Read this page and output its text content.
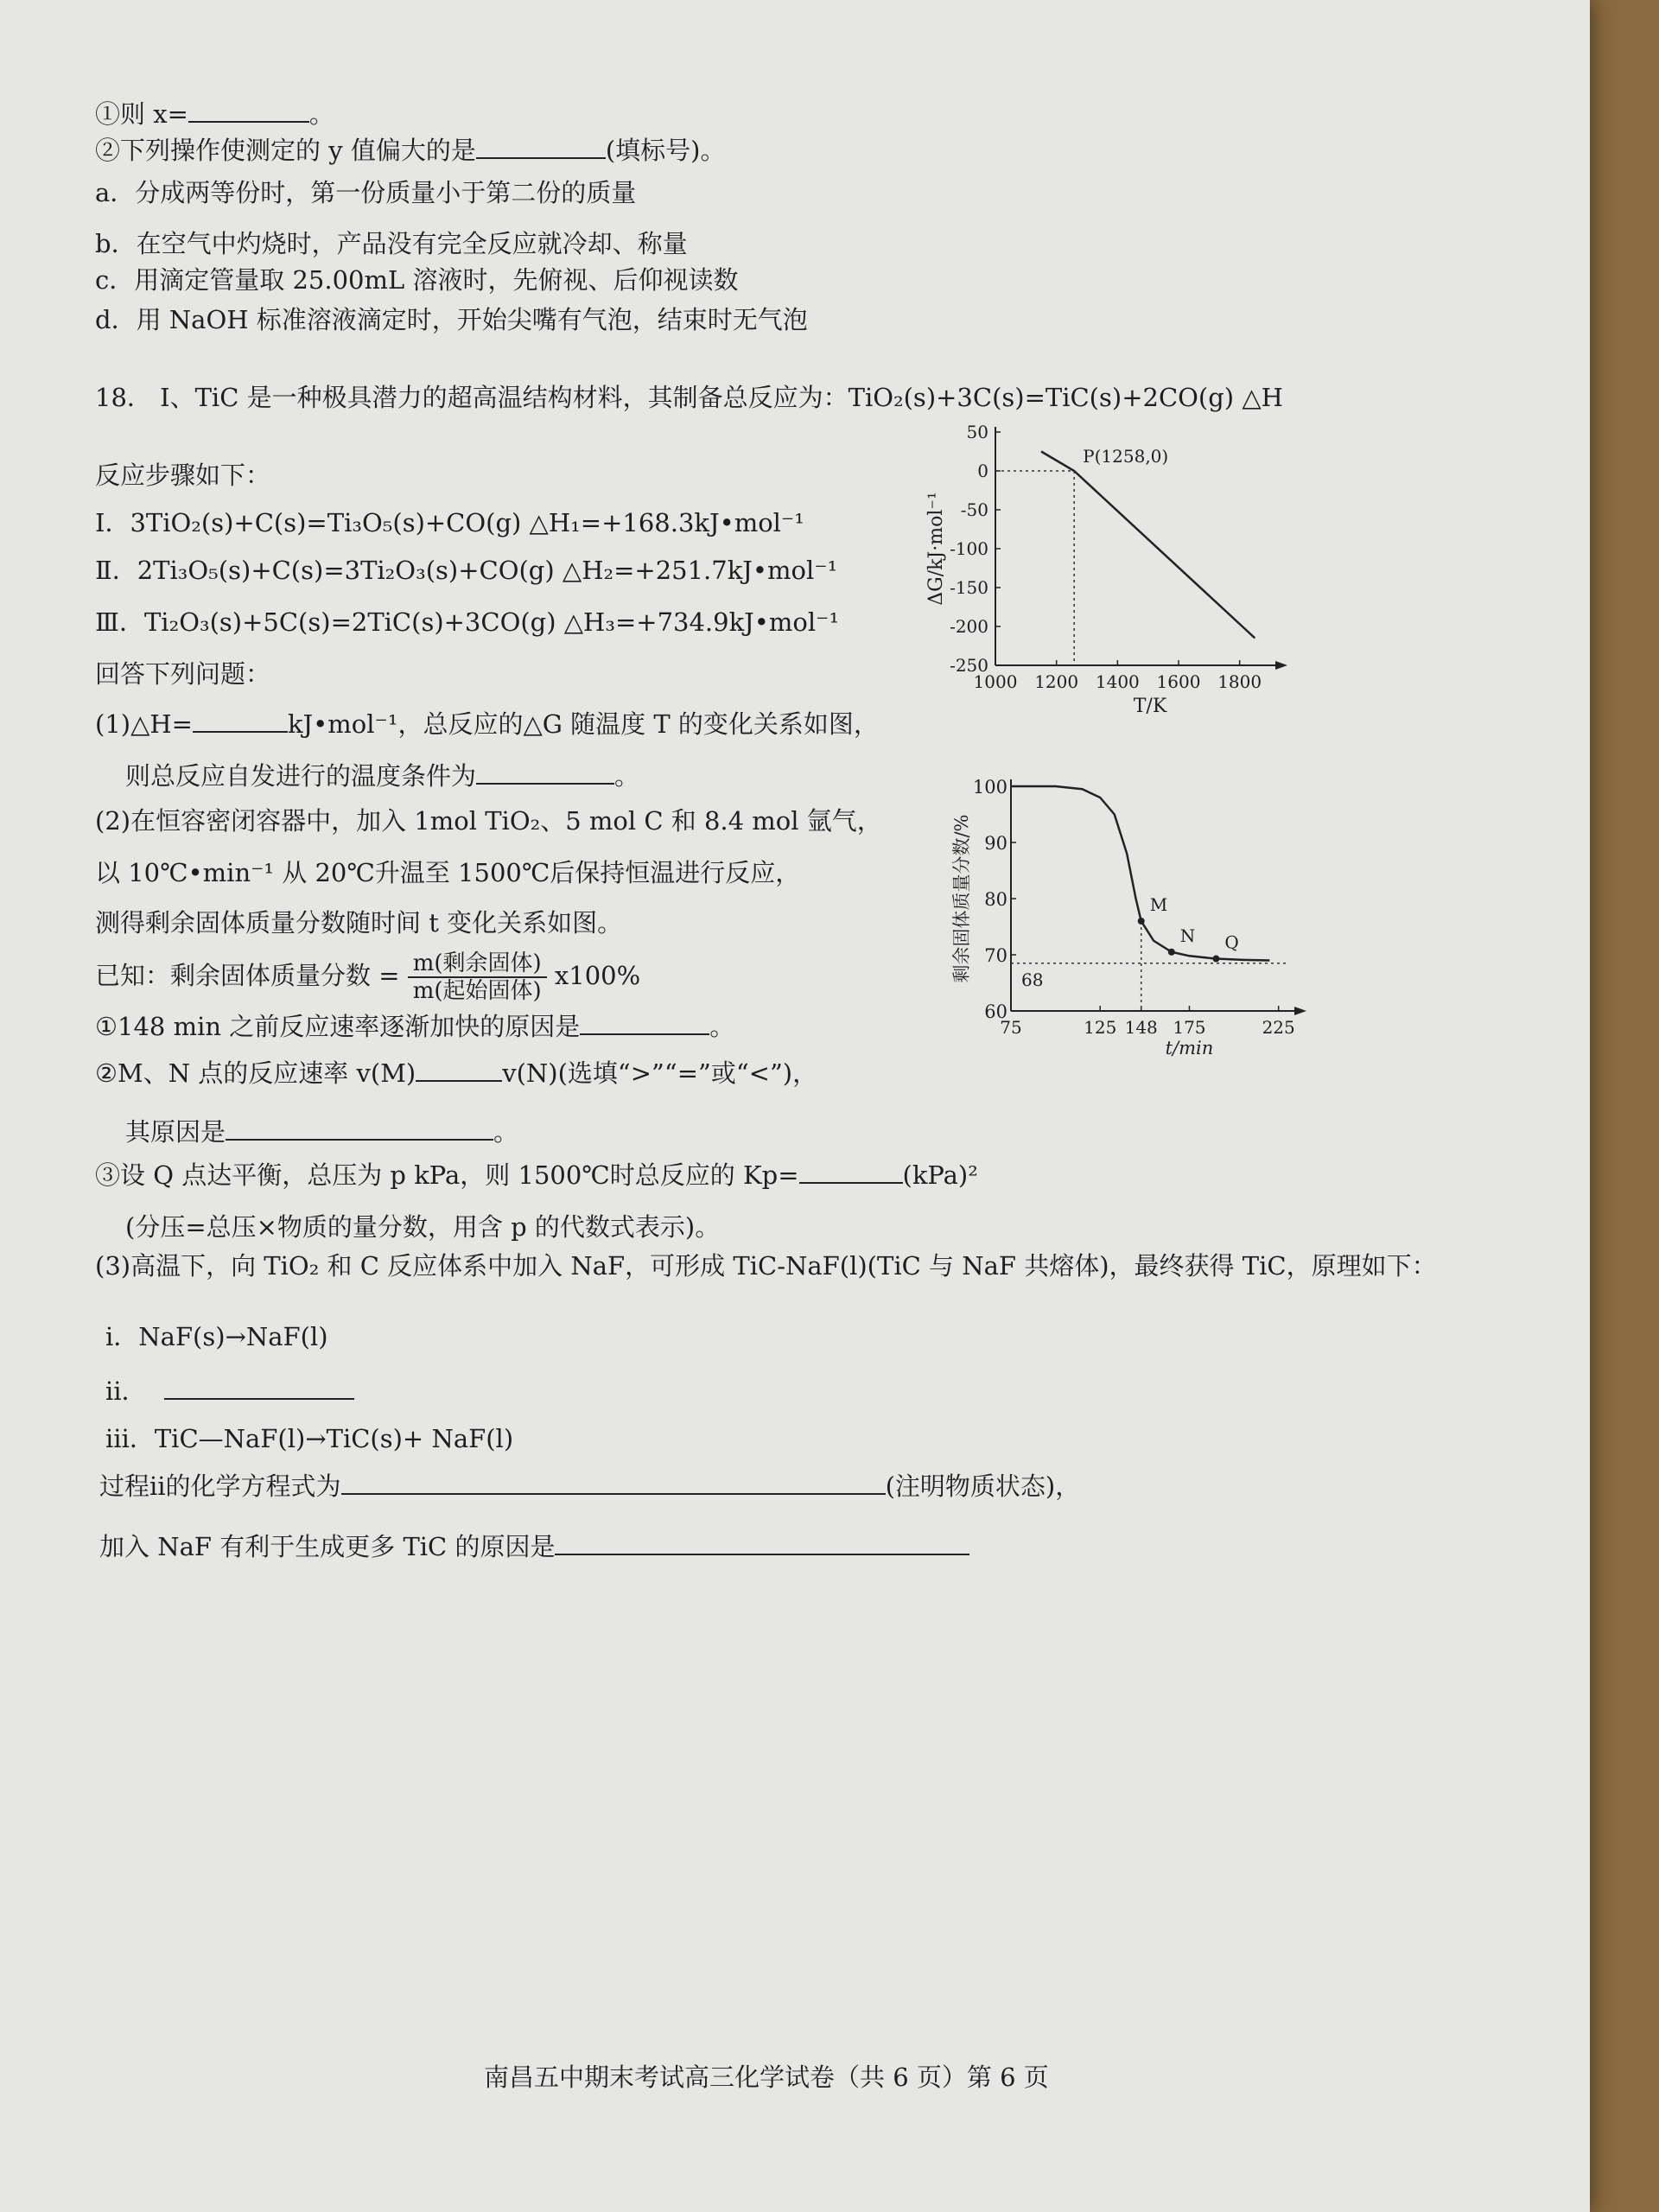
①则 x=	。
②下列操作使测定的 y 值偏大的是	(填标号)。
a．分成两等份时，第一份质量小于第二份的质量
b．在空气中灼烧时，产品没有完全反应就冷却、称量
c．用滴定管量取 25.00mL 溶液时，先俯视、后仰视读数
d．用 NaOH 标准溶液滴定时，开始尖嘴有气泡，结束时无气泡
18． Ⅰ、TiC 是一种极具潜力的超高温结构材料，其制备总反应为：TiO₂(s)+3C(s)=TiC(s)+2CO(g) △H
反应步骤如下：
Ⅰ．3TiO₂(s)+C(s)=Ti₃O₅(s)+CO(g) △H₁=+168.3kJ•mol⁻¹
Ⅱ．2Ti₃O₅(s)+C(s)=3Ti₂O₃(s)+CO(g) △H₂=+251.7kJ•mol⁻¹
Ⅲ．Ti₂O₃(s)+5C(s)=2TiC(s)+3CO(g) △H₃=+734.9kJ•mol⁻¹
回答下列问题：
(1)△H=	kJ•mol⁻¹，总反应的△G 随温度 T 的变化关系如图，
则总反应自发进行的温度条件为	。
(2)在恒容密闭容器中，加入 1mol TiO₂、5 mol C 和 8.4 mol 氩气，
以 10℃•min⁻¹ 从 20℃升温至 1500℃后保持恒温进行反应，
测得剩余固体质量分数随时间 t 变化关系如图。
已知：剩余固体质量分数 = $\frac{\text{m(剩余固体)}}{\text{m(起始固体)}} x100\%$
①148 min 之前反应速率逐渐加快的原因是	。
②M、N 点的反应速率 v(M)	v(N)(选填“>”“=”或“<”)，
其原因是	。
③设 Q 点达平衡，总压为 p kPa，则 1500℃时总反应的 Kp=	(kPa)²
(分压=总压×物质的量分数，用含 p 的代数式表示)。
(3)高温下，向 TiO₂ 和 C 反应体系中加入 NaF，可形成 TiC-NaF(l)(TiC 与 NaF 共熔体)，最终获得 TiC，原理如下：
ⅰ．NaF(s)→NaF(l)
ⅱ．
ⅲ．TiC—NaF(l)→TiC(s)+ NaF(l)
过程ⅱ的化学方程式为	(注明物质状态)，
加入 NaF 有利于生成更多 TiC 的原因是
50
0
-50
-100
-150
-200
-250
1000 1200 1400 1600 1800
T/K
ΔG/kJ·mol⁻¹
P(1258,0)
100
90
80
70
60
75	125 148 175	225
t/min
剩余固体质量分数/%	68
M
N Q
南昌五中期末考试高三化学试卷（共 6 页）第 6 页
